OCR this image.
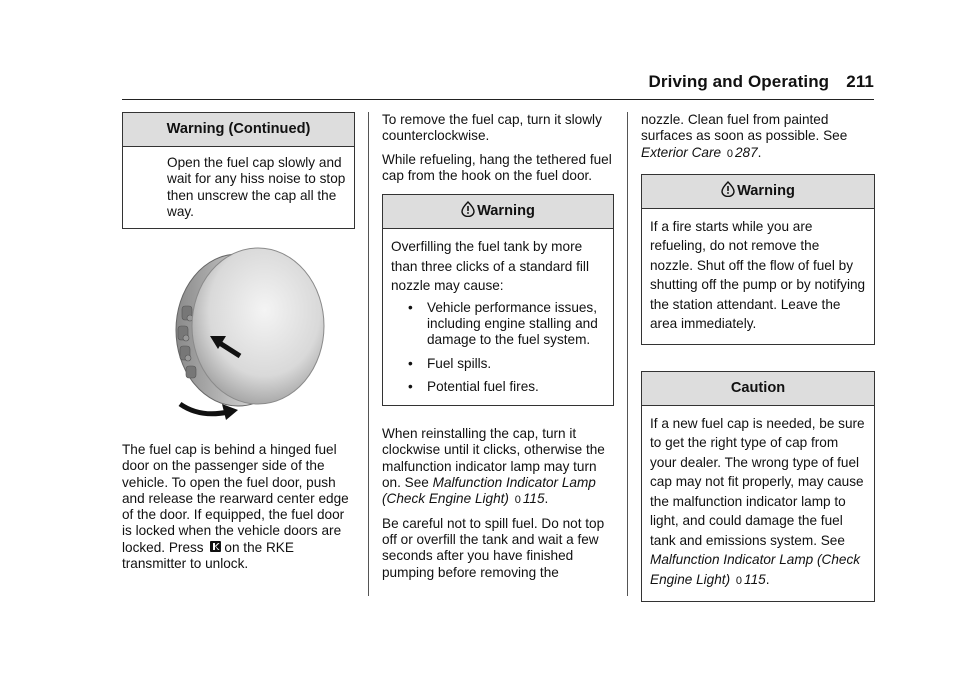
Driving and Operating 211
Warning (Continued)

Open the fuel cap slowly and wait for any hiss noise to stop then unscrew the cap all the way.

The fuel cap is behind a hinged fuel door on the passenger side of the vehicle. To open the fuel door, push and release the rearward center edge of the door. If equipped, the fuel door is locked when the vehicle doors are locked. Press on the RKE transmitter to unlock.

To remove the fuel cap, turn it slowly counterclockwise.

While refueling, hang the tethered fuel cap from the hook on the fuel door.

Warning

Overfilling the fuel tank by more than three clicks of a standard fill nozzle may cause:

• Vehicle performance issues, including engine stalling and damage to the fuel system.
• Fuel spills.
• Potential fuel fires.

When reinstalling the cap, turn it clockwise until it clicks, otherwise the malfunction indicator lamp may turn on. See Malfunction Indicator Lamp (Check Engine Light) 0 115.

Be careful not to spill fuel. Do not top off or overfill the tank and wait a few seconds after you have finished pumping before removing the

nozzle. Clean fuel from painted surfaces as soon as possible. See Exterior Care 0 287.

Warning

If a fire starts while you are refueling, do not remove the nozzle. Shut off the flow of fuel by shutting off the pump or by notifying the station attendant. Leave the area immediately.

Caution

If a new fuel cap is needed, be sure to get the right type of cap from your dealer. The wrong type of fuel cap may not fit properly, may cause the malfunction indicator lamp to light, and could damage the fuel tank and emissions system. See Malfunction Indicator Lamp (Check Engine Light) 0 115.
